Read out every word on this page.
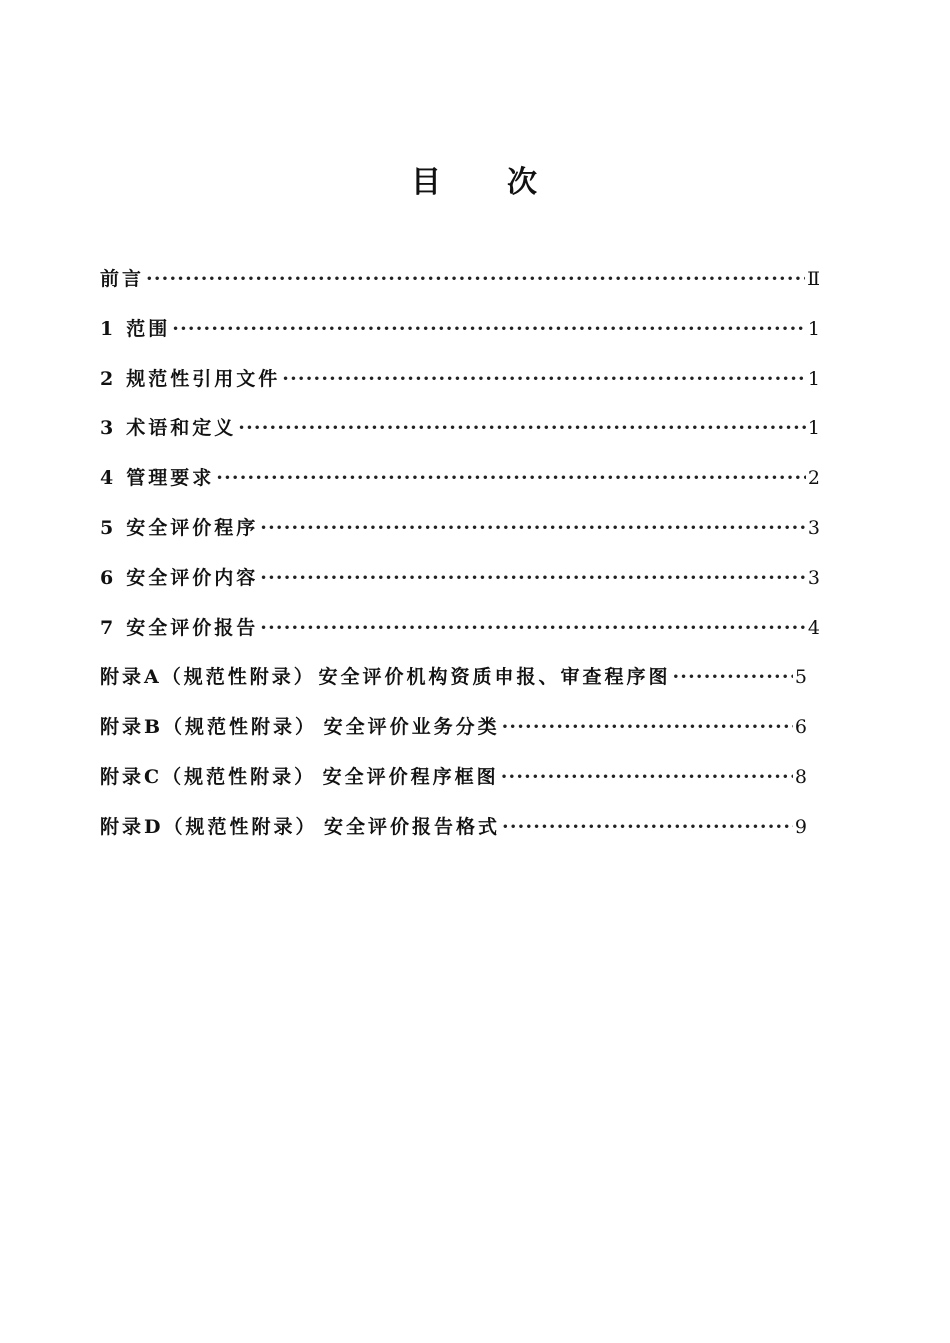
目 次
前言 ·····	Ⅱ
1 范围 ·····	1
2 规范性引用文件 ·····	1
3 术语和定义 ·····	1
4 管理要求 ·····	2
5 安全评价程序 ·····	3
6 安全评价内容 ·····	3
7 安全评价报告 ·····	4
附录A（规范性附录） 安全评价机构资质申报、审查程序图 ·····	5
附录B（规范性附录） 安全评价业务分类 ·····	6
附录C（规范性附录） 安全评价程序框图 ·····	8
附录D（规范性附录） 安全评价报告格式 ·····	9
